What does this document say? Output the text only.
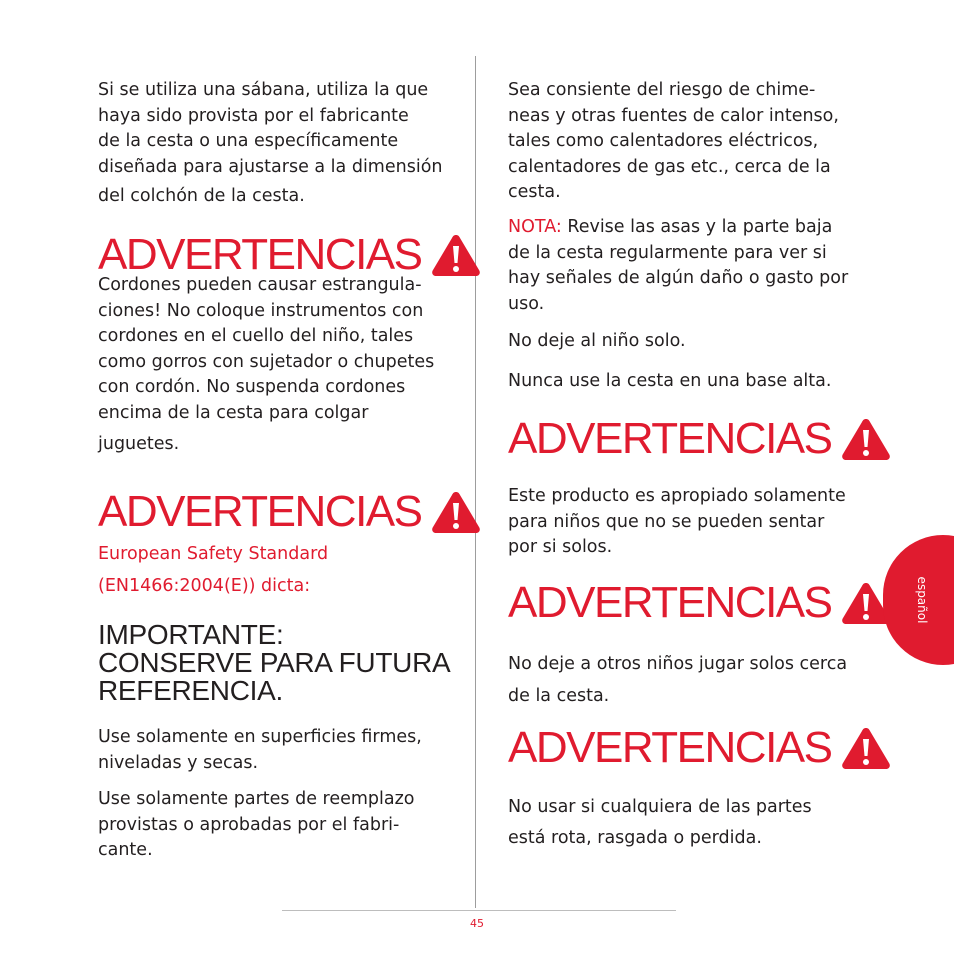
Si se utiliza una sábana, utiliza la que
haya sido provista por el fabricante
de la cesta o una específicamente
diseñada para ajustarse a la dimensión
del colchón de la cesta.

ADVERTENCIAS

Cordones pueden causar estrangula-
ciones! No coloque instrumentos con
cordones en el cuello del niño, tales
como gorros con sujetador o chupetes
con cordón. No suspenda cordones
encima de la cesta para colgar
juguetes.

ADVERTENCIAS

European Safety Standard
(EN1466:2004(E)) dicta:

IMPORTANTE:
CONSERVE PARA FUTURA
REFERENCIA.

Use solamente en superficies firmes,
niveladas y secas.

Use solamente partes de reemplazo
provistas o aprobadas por el fabri-
cante.

Sea consiente del riesgo de chime-
neas y otras fuentes de calor intenso,
tales como calentadores eléctricos,
calentadores de gas etc., cerca de la
cesta.

NOTA: Revise las asas y la parte baja
de la cesta regularmente para ver si
hay señales de algún daño o gasto por
uso.

No deje al niño solo.

Nunca use la cesta en una base alta.

ADVERTENCIAS

Este producto es apropiado solamente
para niños que no se pueden sentar
por si solos.

ADVERTENCIAS

No deje a otros niños jugar solos cerca
de la cesta.

ADVERTENCIAS

No usar si cualquiera de las partes
está rota, rasgada o perdida.

español
45
